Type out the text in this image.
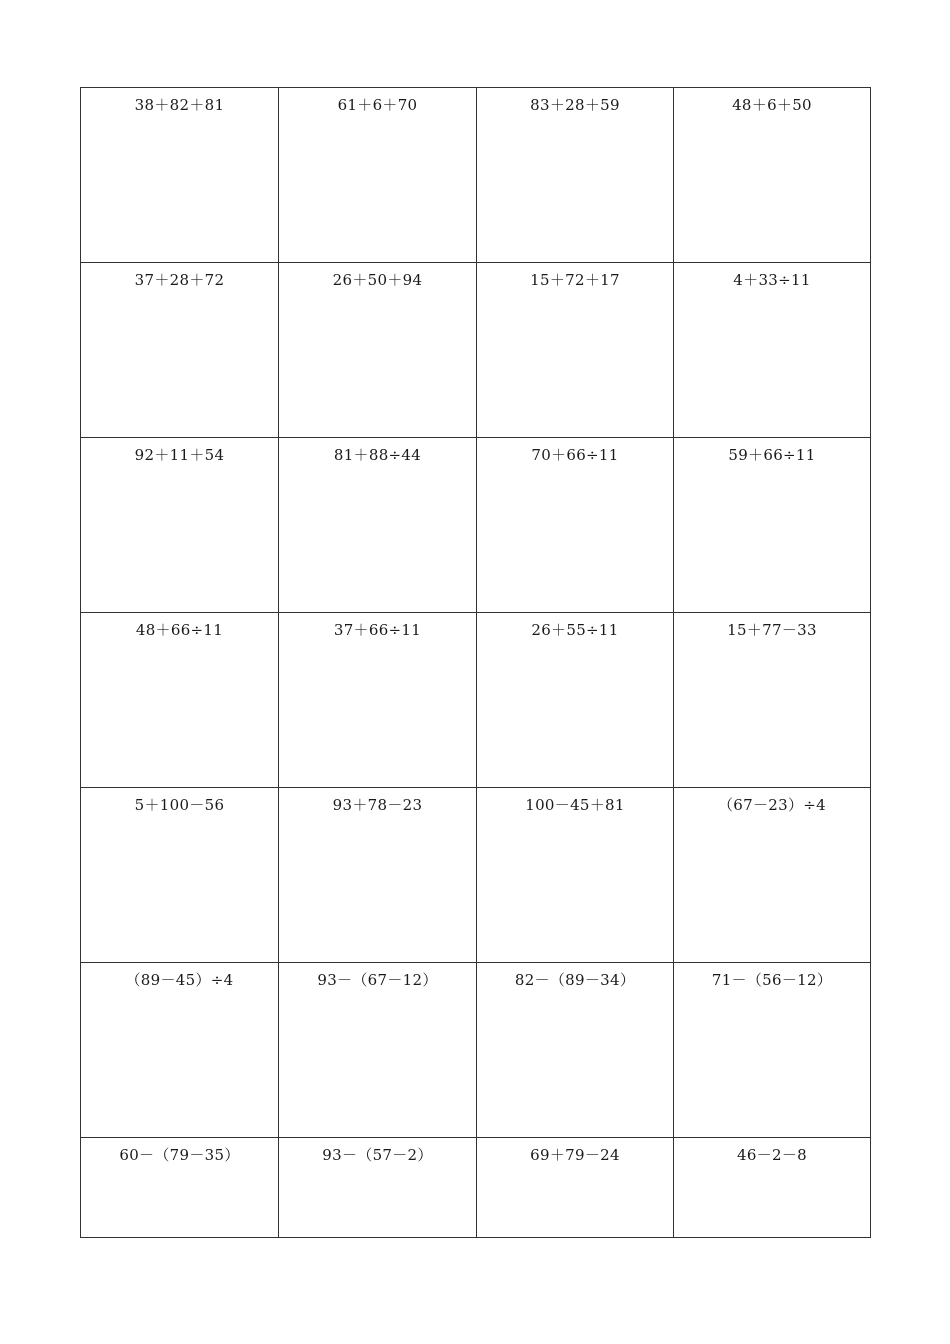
38＋82＋81	61＋6＋70	83＋28＋59	48＋6＋50
37＋28＋72	26＋50＋94	15＋72＋17	4＋33÷11
92＋11＋54	81＋88÷44	70＋66÷11	59＋66÷11
48＋66÷11	37＋66÷11	26＋55÷11	15＋77－33
5＋100－56	93＋78－23	100－45＋81	（67－23）÷4
（89－45）÷4	93－（67－12）	82－（89－34）	71－（56－12）
60－（79－35）	93－（57－2）	69＋79－24	46－2－8
